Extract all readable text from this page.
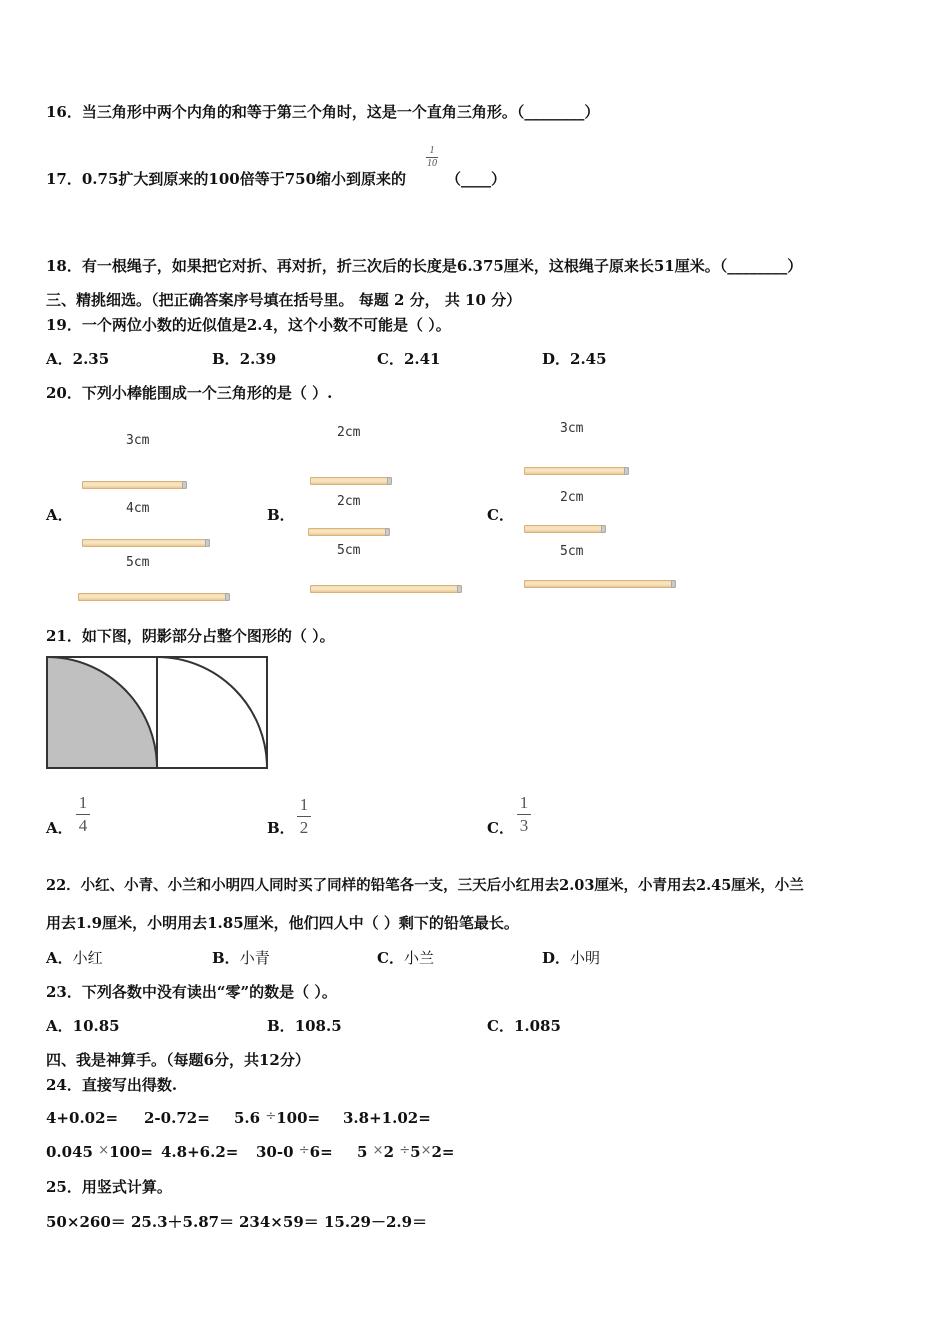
16．当三角形中两个内角的和等于第三个角时，这是一个直角三角形。（________）
17．0.75扩大到原来的100倍等于750缩小到原来的
1
10
（____）
18．有一根绳子，如果把它对折、再对折，折三次后的长度是6.375厘米，这根绳子原来长51厘米。（________）
三、精挑细选。（把正确答案序号填在括号里。 每题 2 分， 共 10 分）
19．一个两位小数的近似值是2.4，这个小数不可能是（ ）。
A．2.35	B．2.39	C．2.41	D．2.45
20．下列小棒能围成一个三角形的是（ ）.
A．
3cm
4cm
5cm
B．
2cm
2cm
5cm
C．
3cm
2cm
5cm
21．如下图，阴影部分占整个图形的（ ）。
A．
1
4	B．
1
2	C．
1
3
22．小红、小青、小兰和小明四人同时买了同样的铅笔各一支，三天后小红用去2.03厘米，小青用去2.45厘米，小兰
用去1.9厘米，小明用去1.85厘米，他们四人中（ ）剩下的铅笔最长。
A．小红	B．小青	C．小兰	D．小明
23．下列各数中没有读出“零”的数是（ ）。
A．10.85	B．108.5	C．1.085
四、我是神算手。（每题6分，共12分）
24．直接写出得数.
4+0.02= 2-0.72= 5.6 ÷100= 3.8+1.02=
0.045 ×100= 4.8+6.2= 30-0 ÷6= 5 ×2 ÷5×2=
25．用竖式计算。
50×260＝ 25.3＋5.87＝ 234×59＝ 15.29－2.9＝
